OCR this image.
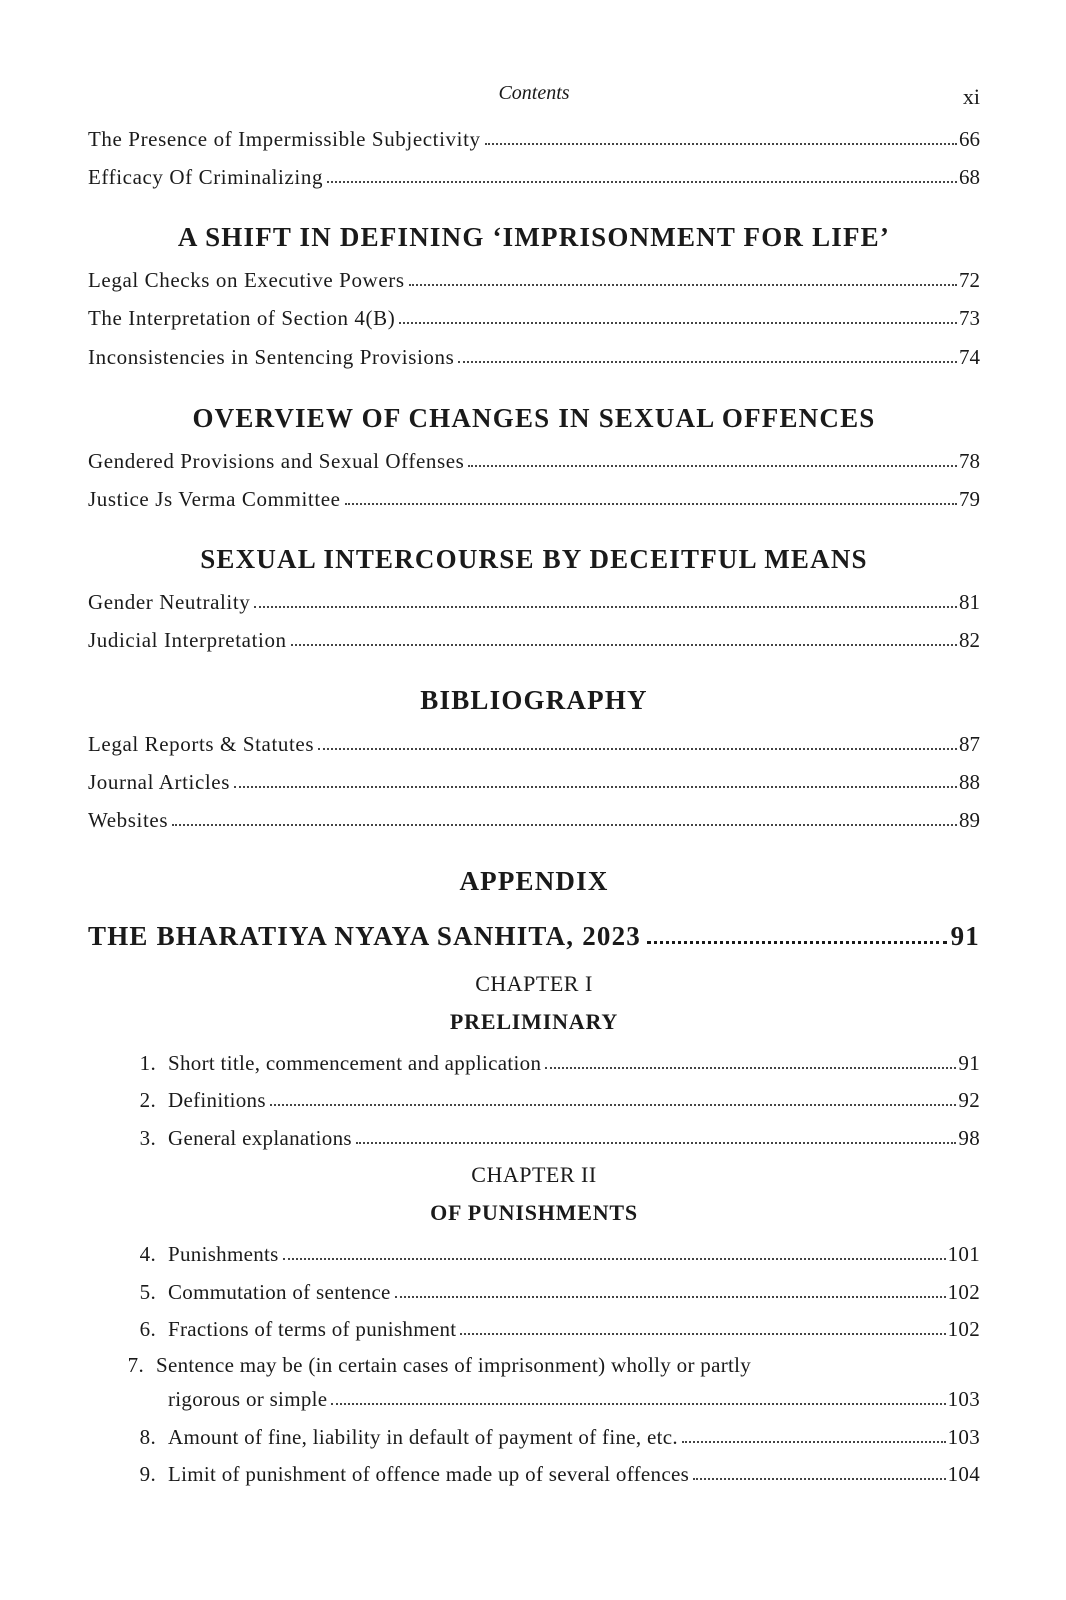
Contents	xi
The Presence of Impermissible Subjectivity	66
Efficacy Of Criminalizing	68
A SHIFT IN DEFINING ‘IMPRISONMENT FOR LIFE’
Legal Checks on Executive Powers	72
The Interpretation of Section 4(B)	73
Inconsistencies in Sentencing Provisions	74
OVERVIEW OF CHANGES IN SEXUAL OFFENCES
Gendered Provisions and Sexual Offenses	78
Justice Js Verma Committee	79
SEXUAL INTERCOURSE BY DECEITFUL MEANS
Gender Neutrality	81
Judicial Interpretation	82
BIBLIOGRAPHY
Legal Reports & Statutes	87
Journal Articles	88
Websites	89
APPENDIX
THE BHARATIYA NYAYA SANHITA, 2023	91
CHAPTER I
PRELIMINARY
1. Short title, commencement and application	91
2. Definitions	92
3. General explanations	98
CHAPTER II
OF PUNISHMENTS
4. Punishments	101
5. Commutation of sentence	102
6. Fractions of terms of punishment	102
7. Sentence may be (in certain cases of imprisonment) wholly or partly
rigorous or simple	103
8. Amount of fine, liability in default of payment of fine, etc.	103
9. Limit of punishment of offence made up of several offences	104
